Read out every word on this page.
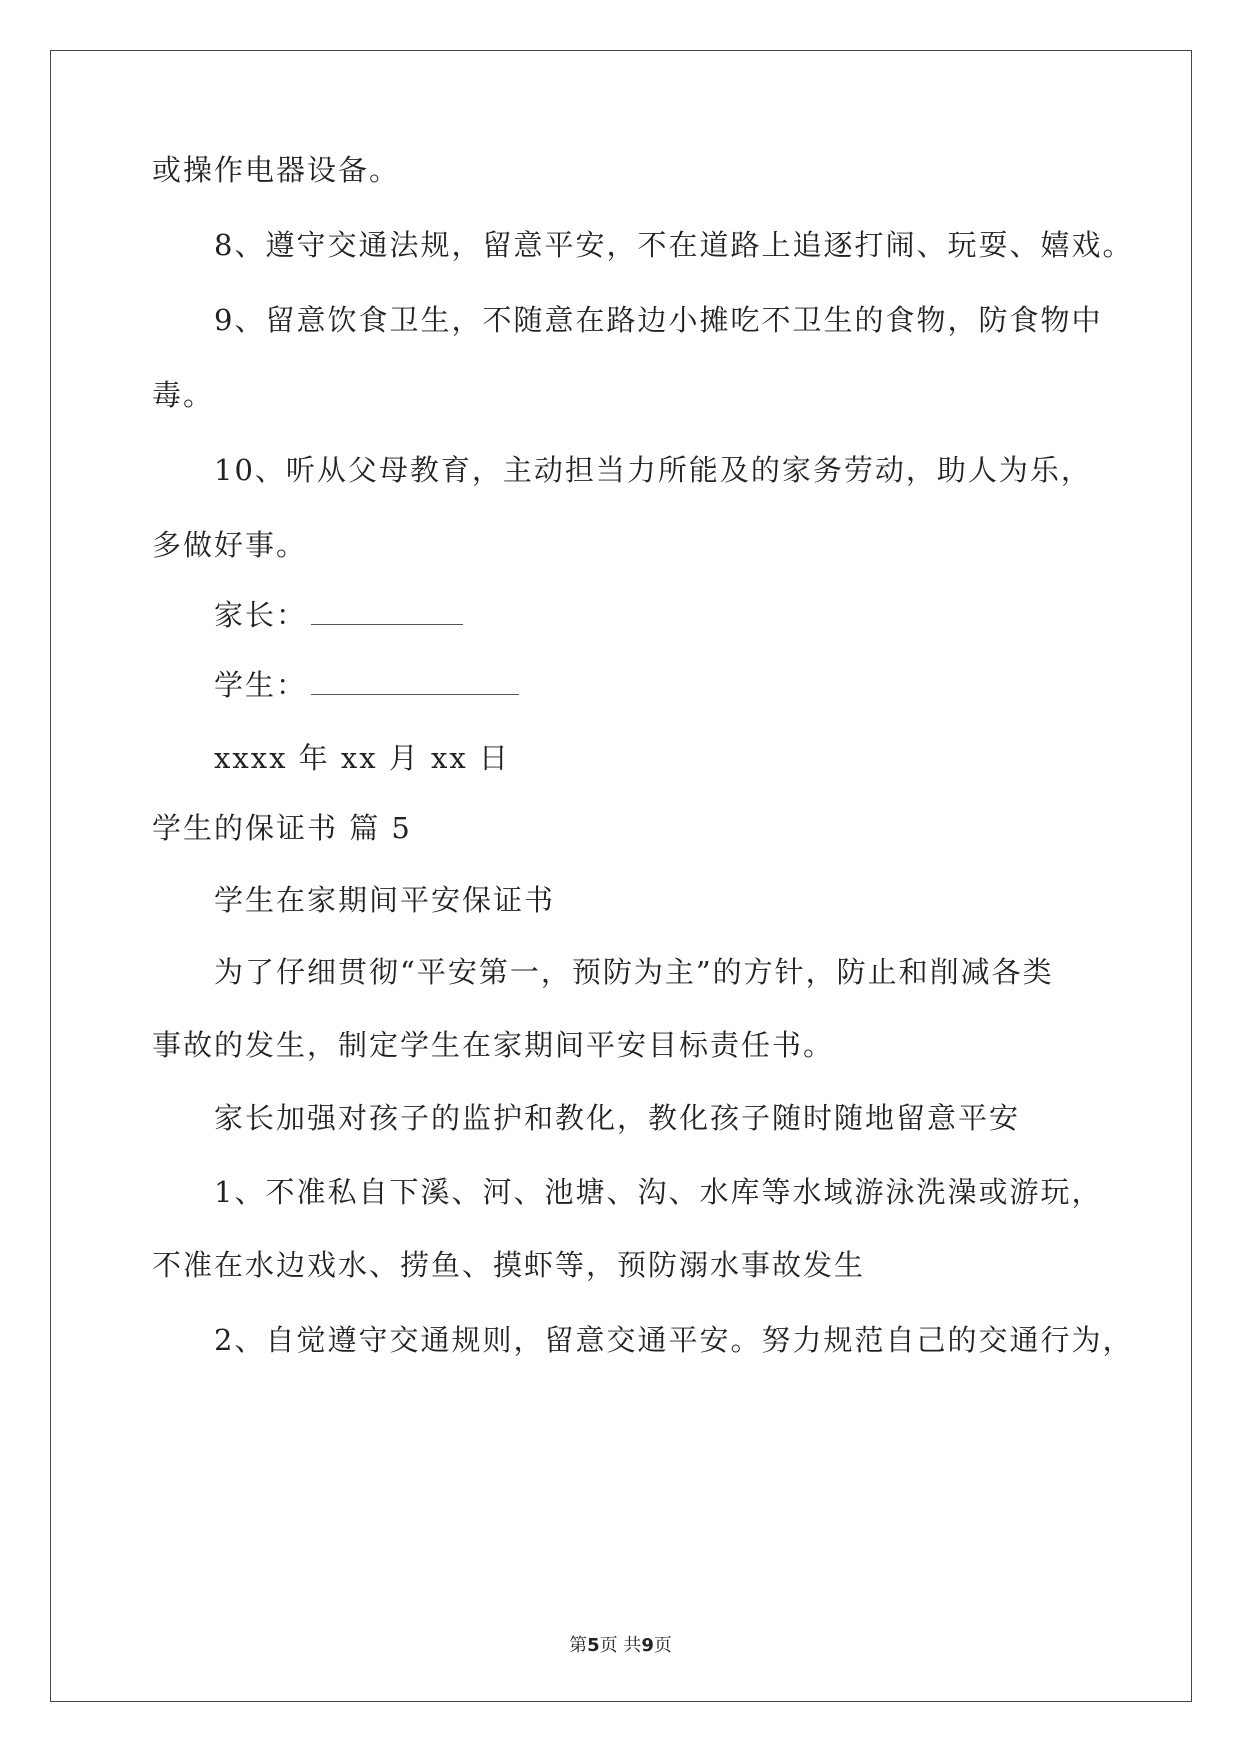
或操作电器设备。
8、遵守交通法规，留意平安，不在道路上追逐打闹、玩耍、嬉戏。
9、留意饮食卫生，不随意在路边小摊吃不卫生的食物，防食物中
毒。
10、听从父母教育，主动担当力所能及的家务劳动，助人为乐，
多做好事。
家长：
学生：
xxxx 年 xx 月 xx 日
学生的保证书 篇 5
学生在家期间平安保证书
为了仔细贯彻“平安第一，预防为主”的方针，防止和削减各类
事故的发生，制定学生在家期间平安目标责任书。
家长加强对孩子的监护和教化，教化孩子随时随地留意平安
1、不准私自下溪、河、池塘、沟、水库等水域游泳洗澡或游玩，
不准在水边戏水、捞鱼、摸虾等，预防溺水事故发生
2、自觉遵守交通规则，留意交通平安。努力规范自己的交通行为，
第5页 共9页
